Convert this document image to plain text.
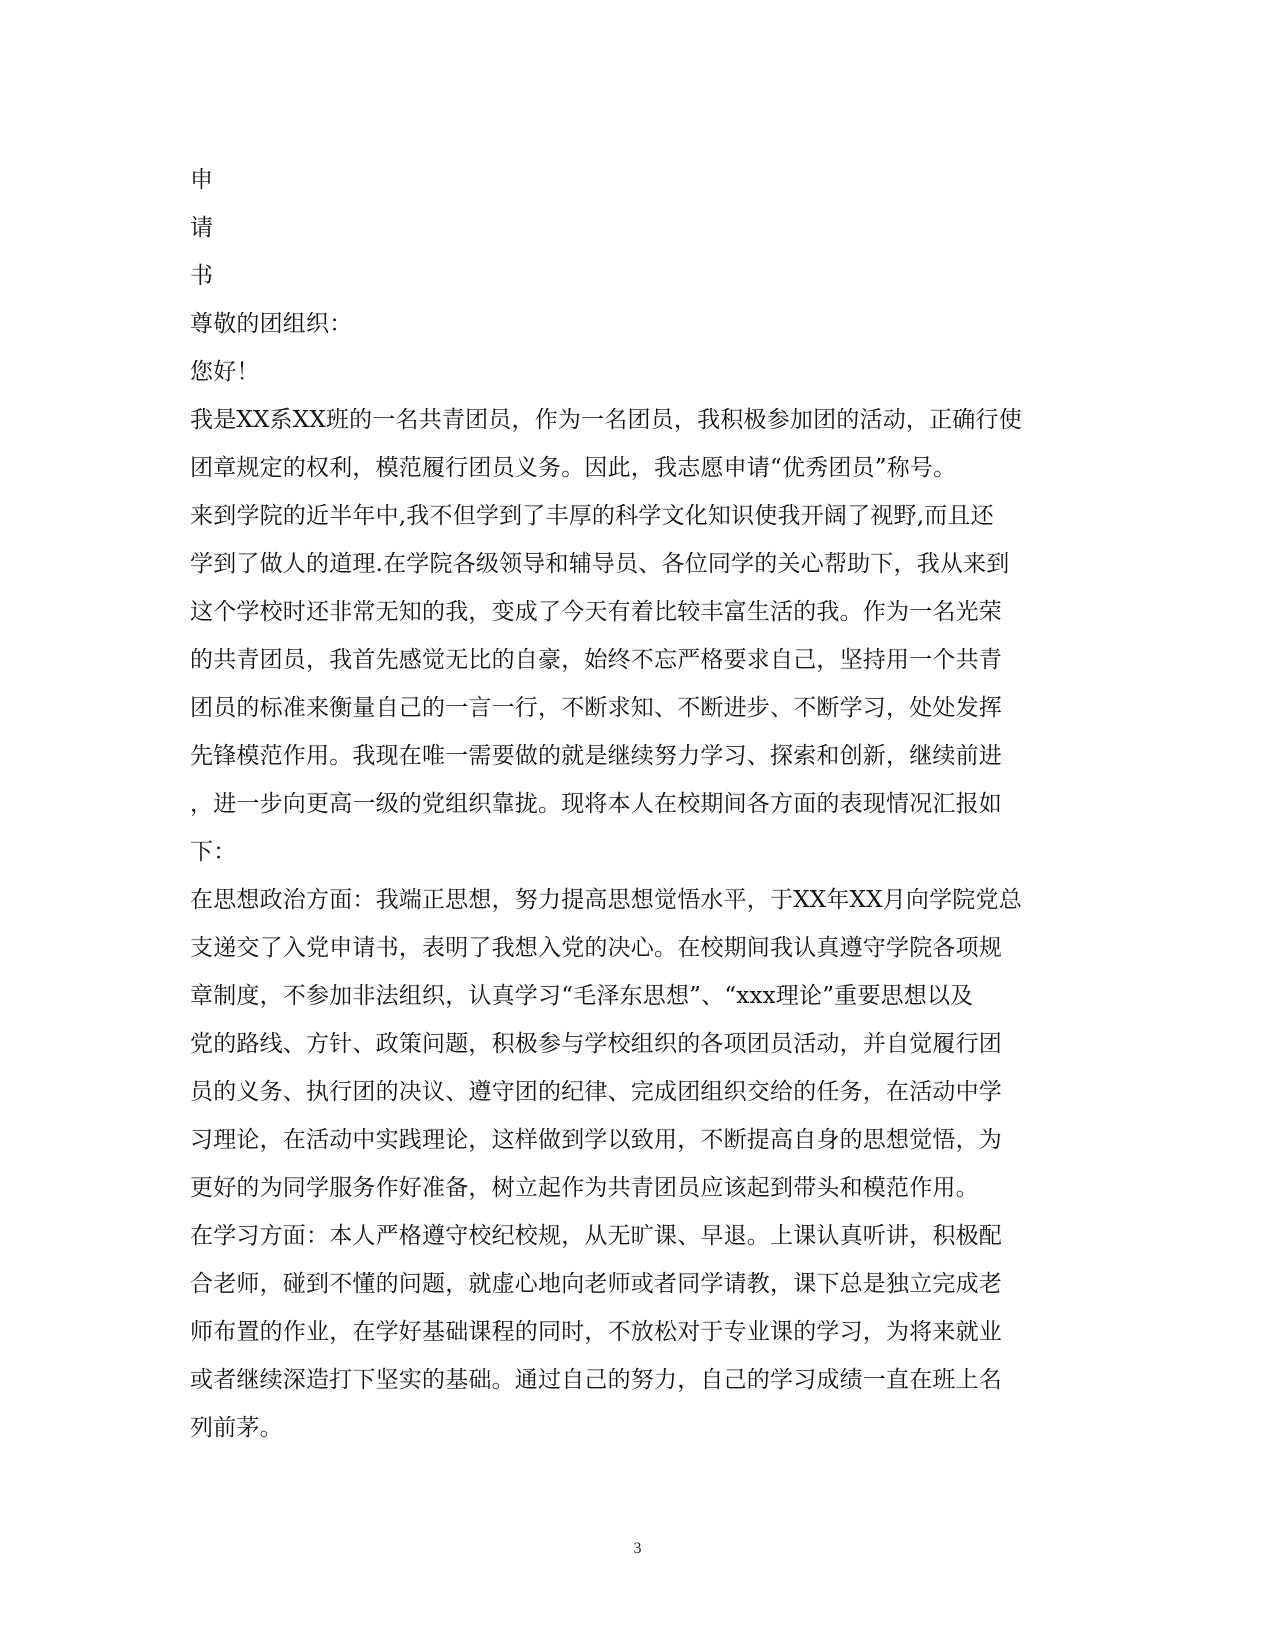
申
请
书
尊敬的团组织：
您好！
我是XX系XX班的一名共青团员，作为一名团员，我积极参加团的活动，正确行使
团章规定的权利，模范履行团员义务。因此，我志愿申请“优秀团员”称号。
来到学院的近半年中,我不但学到了丰厚的科学文化知识使我开阔了视野,而且还
学到了做人的道理.在学院各级领导和辅导员、各位同学的关心帮助下，我从来到
这个学校时还非常无知的我，变成了今天有着比较丰富生活的我。作为一名光荣
的共青团员，我首先感觉无比的自豪，始终不忘严格要求自己，坚持用一个共青
团员的标准来衡量自己的一言一行，不断求知、不断进步、不断学习，处处发挥
先锋模范作用。我现在唯一需要做的就是继续努力学习、探索和创新，继续前进
，进一步向更高一级的党组织靠拢。现将本人在校期间各方面的表现情况汇报如
下：
在思想政治方面：我端正思想，努力提高思想觉悟水平，于XX年XX月向学院党总
支递交了入党申请书，表明了我想入党的决心。在校期间我认真遵守学院各项规
章制度，不参加非法组织，认真学习“毛泽东思想”、“xxx理论”重要思想以及
党的路线、方针、政策问题，积极参与学校组织的各项团员活动，并自觉履行团
员的义务、执行团的决议、遵守团的纪律、完成团组织交给的任务，在活动中学
习理论，在活动中实践理论，这样做到学以致用，不断提高自身的思想觉悟，为
更好的为同学服务作好准备，树立起作为共青团员应该起到带头和模范作用。
在学习方面：本人严格遵守校纪校规，从无旷课、早退。上课认真听讲，积极配
合老师，碰到不懂的问题，就虚心地向老师或者同学请教，课下总是独立完成老
师布置的作业，在学好基础课程的同时，不放松对于专业课的学习，为将来就业
或者继续深造打下坚实的基础。通过自己的努力，自己的学习成绩一直在班上名
列前茅。
3
